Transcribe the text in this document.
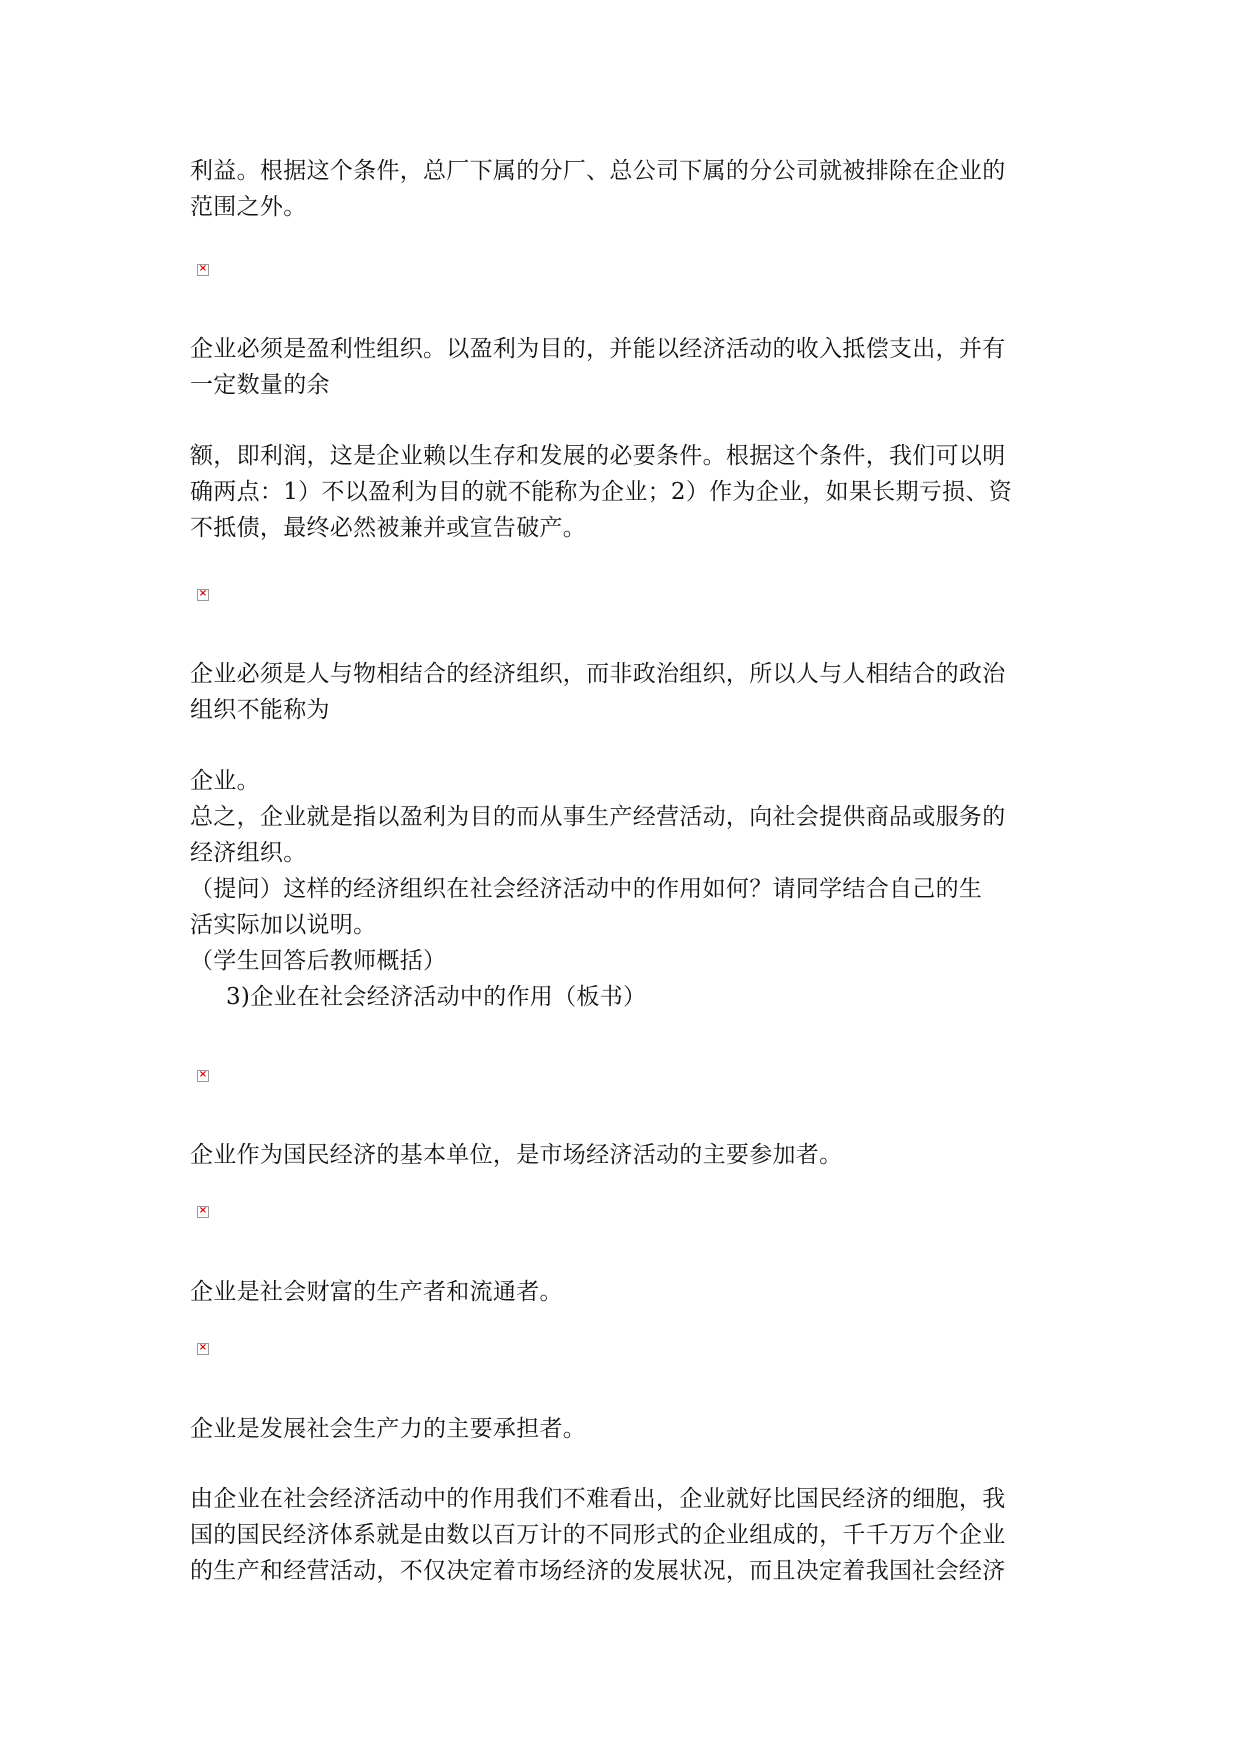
利益。根据这个条件，总厂下属的分厂、总公司下属的分公司就被排除在企业的
范围之外。
×
企业必须是盈利性组织。以盈利为目的，并能以经济活动的收入抵偿支出，并有
一定数量的余
额，即利润，这是企业赖以生存和发展的必要条件。根据这个条件，我们可以明
确两点：1）不以盈利为目的就不能称为企业；2）作为企业，如果长期亏损、资
不抵债，最终必然被兼并或宣告破产。
×
企业必须是人与物相结合的经济组织，而非政治组织，所以人与人相结合的政治
组织不能称为
企业。
总之，企业就是指以盈利为目的而从事生产经营活动，向社会提供商品或服务的
经济组织。
（提问）这样的经济组织在社会经济活动中的作用如何？请同学结合自己的生
活实际加以说明。
（学生回答后教师概括）
3)企业在社会经济活动中的作用（板书）
×
企业作为国民经济的基本单位，是市场经济活动的主要参加者。
×
企业是社会财富的生产者和流通者。
×
企业是发展社会生产力的主要承担者。
由企业在社会经济活动中的作用我们不难看出，企业就好比国民经济的细胞，我
国的国民经济体系就是由数以百万计的不同形式的企业组成的，千千万万个企业
的生产和经营活动，不仅决定着市场经济的发展状况，而且决定着我国社会经济
